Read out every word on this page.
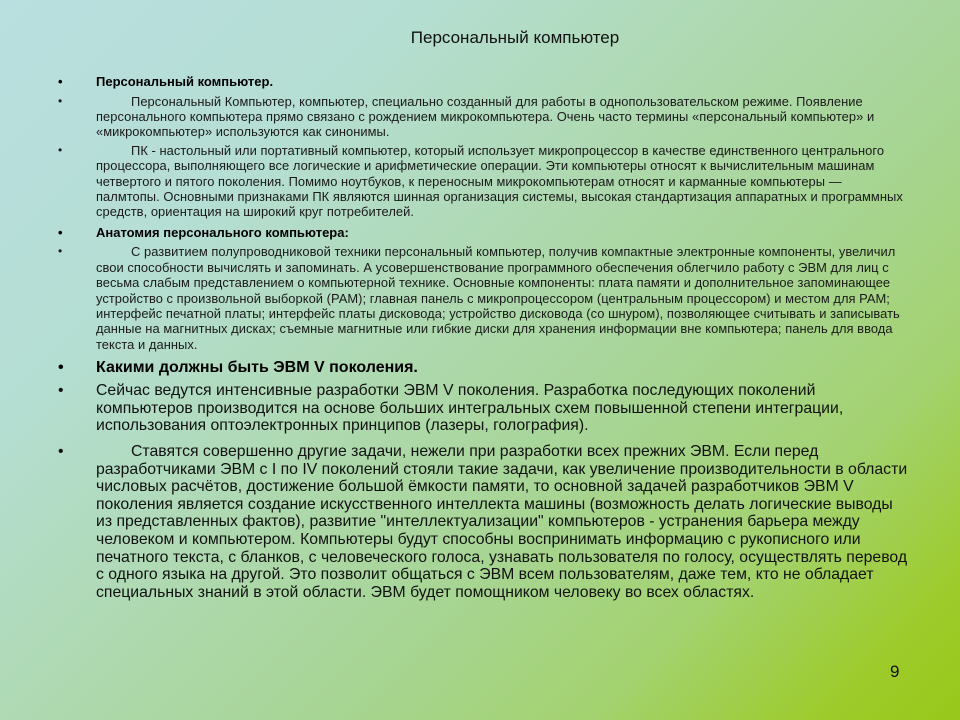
Персональный компьютер
•	Персональный компьютер.
•	Персональный Компьютер, компьютер, специально созданный для работы в однопользовательском режиме. Появление персонального компьютера прямо связано с рождением микрокомпьютера. Очень часто термины «персональный компьютер» и «микрокомпьютер» используются как синонимы.
•	ПК - настольный или портативный компьютер, который использует микропроцессор в качестве единственного центрального процессора, выполняющего все логические и арифметические операции. Эти компьютеры относят к вычислительным машинам четвертого и пятого поколения. Помимо ноутбуков, к переносным микрокомпьютерам относят и карманные компьютеры — палмтопы. Основными признаками ПК являются шинная организация системы, высокая стандартизация аппаратных и программных средств, ориентация на широкий круг потребителей.
•	Анатомия персонального компьютера:
•	С развитием полупроводниковой техники персональный компьютер, получив компактные электронные компоненты, увеличил свои способности вычислять и запоминать. А усовершенствование программного обеспечения облегчило работу с ЭВМ для лиц с весьма слабым представлением о компьютерной технике. Основные компоненты: плата памяти и дополнительное запоминающее устройство с произвольной выборкой (PAM); главная панель с микропроцессором (центральным процессором) и местом для PAM; интерфейс печатной платы; интерфейс платы дисковода; устройство дисковода (со шнуром), позволяющее считывать и записывать данные на магнитных дисках; съемные магнитные или гибкие диски для хранения информации вне компьютера; панель для ввода текста и данных.
• Какими должны быть ЭВМ V поколения.
• Сейчас ведутся интенсивные разработки ЭВМ V поколения. Разработка последующих поколений компьютеров производится на основе больших интегральных схем повышенной степени интеграции, использования оптоэлектронных принципов (лазеры, голография).
•	Ставятся совершенно другие задачи, нежели при разработки всех прежних ЭВМ. Если перед разработчиками ЭВМ с I по IV поколений стояли такие задачи, как увеличение производительности в области числовых расчётов, достижение большой ёмкости памяти, то основной задачей разработчиков ЭВМ V поколения является создание искусственного интеллекта машины (возможность делать логические выводы из представленных фактов), развитие "интеллектуализации" компьютеров - устранения барьера между человеком и компьютером. Компьютеры будут способны воспринимать информацию с рукописного или печатного текста, с бланков, с человеческого голоса, узнавать пользователя по голосу, осуществлять перевод с одного языка на другой. Это позволит общаться с ЭВМ всем пользователям, даже тем, кто не обладает специальных знаний в этой области. ЭВМ будет помощником человеку во всех областях.
9
